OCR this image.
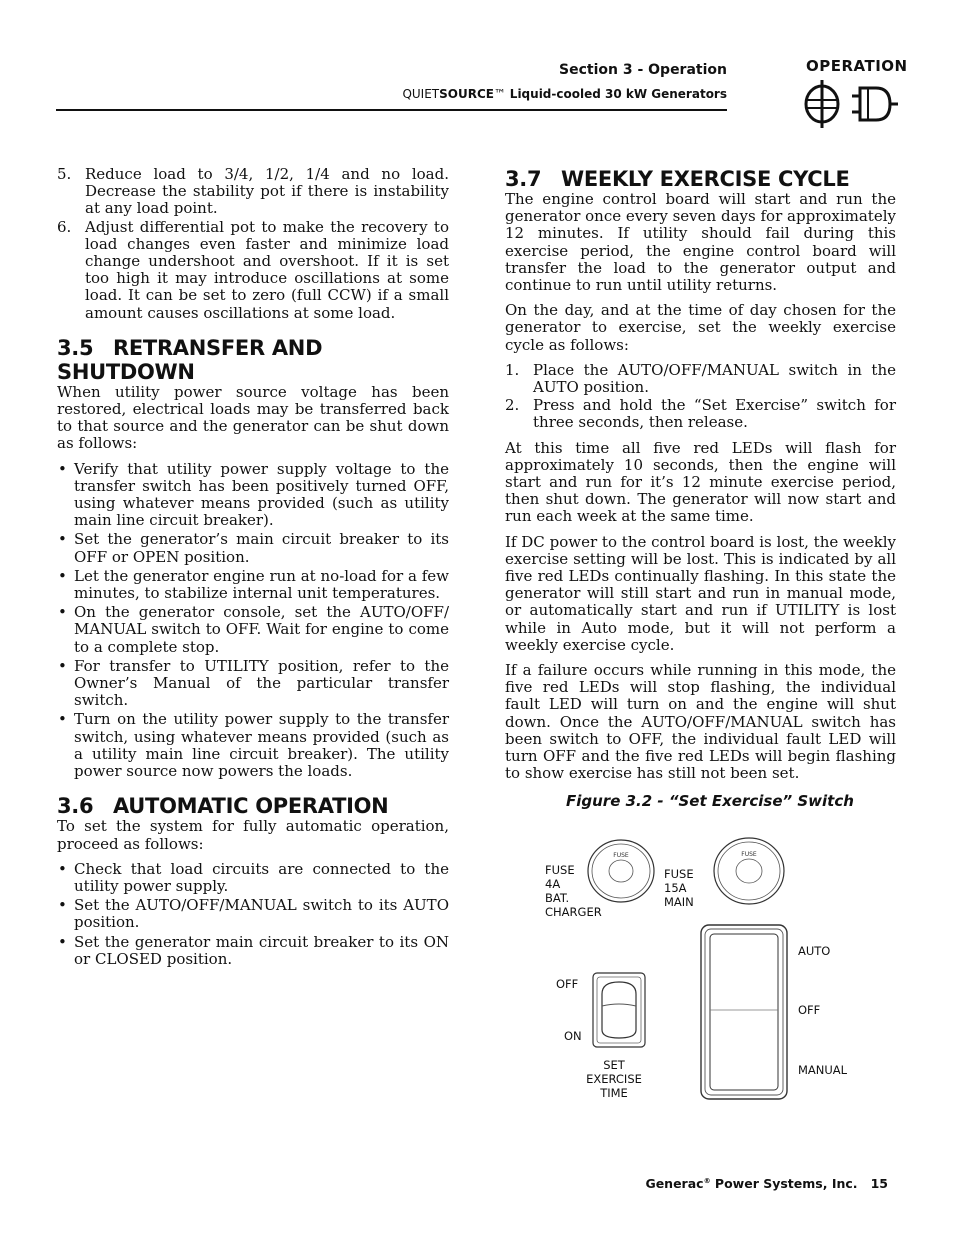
Section 3 - Operation
QUIETSOURCE™ Liquid-cooled 30 kW Generators
OPERATION
5. Reduce load to 3/4, 1/2, 1/4 and no load. Decrease the stability pot if there is instability at any load point.
6. Adjust differential pot to make the recovery to load changes even faster and minimize load change undershoot and overshoot. If it is set too high it may introduce oscillations at some load. It can be set to zero (full CCW) if a small amount causes oscillations at some load.
3.5 RETRANSFER AND SHUTDOWN

When utility power source voltage has been restored, electrical loads may be transferred back to that source and the generator can be shut down as follows:

• Verify that utility power supply voltage to the transfer switch has been positively turned OFF, using whatever means provided (such as utility main line circuit breaker).
• Set the generator’s main circuit breaker to its OFF or OPEN position.
• Let the generator engine run at no-load for a few minutes, to stabilize internal unit temperatures.
• On the generator console, set the AUTO/OFF/ MANUAL switch to OFF. Wait for engine to come to a complete stop.
• For transfer to UTILITY position, refer to the Owner’s Manual of the particular transfer switch.
• Turn on the utility power supply to the transfer switch, using whatever means provided (such as a utility main line circuit breaker). The utility power source now powers the loads.
3.6 AUTOMATIC OPERATION

To set the system for fully automatic operation, proceed as follows:

• Check that load circuits are connected to the utility power supply.
• Set the AUTO/OFF/MANUAL switch to its AUTO position.
• Set the generator main circuit breaker to its ON or CLOSED position.
3.7 WEEKLY EXERCISE CYCLE

The engine control board will start and run the generator once every seven days for approximately 12 minutes. If utility should fail during this exercise period, the engine control board will transfer the load to the generator output and continue to run until utility returns.

On the day, and at the time of day chosen for the generator to exercise, set the weekly exercise cycle as follows:

1. Place the AUTO/OFF/MANUAL switch in the AUTO position.
2. Press and hold the “Set Exercise” switch for three seconds, then release.

At this time all five red LEDs will flash for approximately 10 seconds, then the engine will start and run for it’s 12 minute exercise period, then shut down. The generator will now start and run each week at the same time.

If DC power to the control board is lost, the weekly exercise setting will be lost. This is indicated by all five red LEDs continually flashing. In this state the generator will still start and run in manual mode, or automatically start and run if UTILITY is lost while in Auto mode, but it will not perform a weekly exercise cycle.

If a failure occurs while running in this mode, the five red LEDs will stop flashing, the individual fault LED will turn on and the engine will shut down. Once the AUTO/OFF/MANUAL switch has been switch to OFF, the individual fault LED will turn OFF and the five red LEDs will begin flashing to show exercise has still not been set.

Figure 3.2 - “Set Exercise” Switch
FUSE
4A
BAT.
CHARGER
FUSE
FUSE
15A
MAIN
FUSE
OFF
ON
SET
EXERCISE
TIME
AUTO
OFF
MANUAL
Generac® Power Systems, Inc. 15
